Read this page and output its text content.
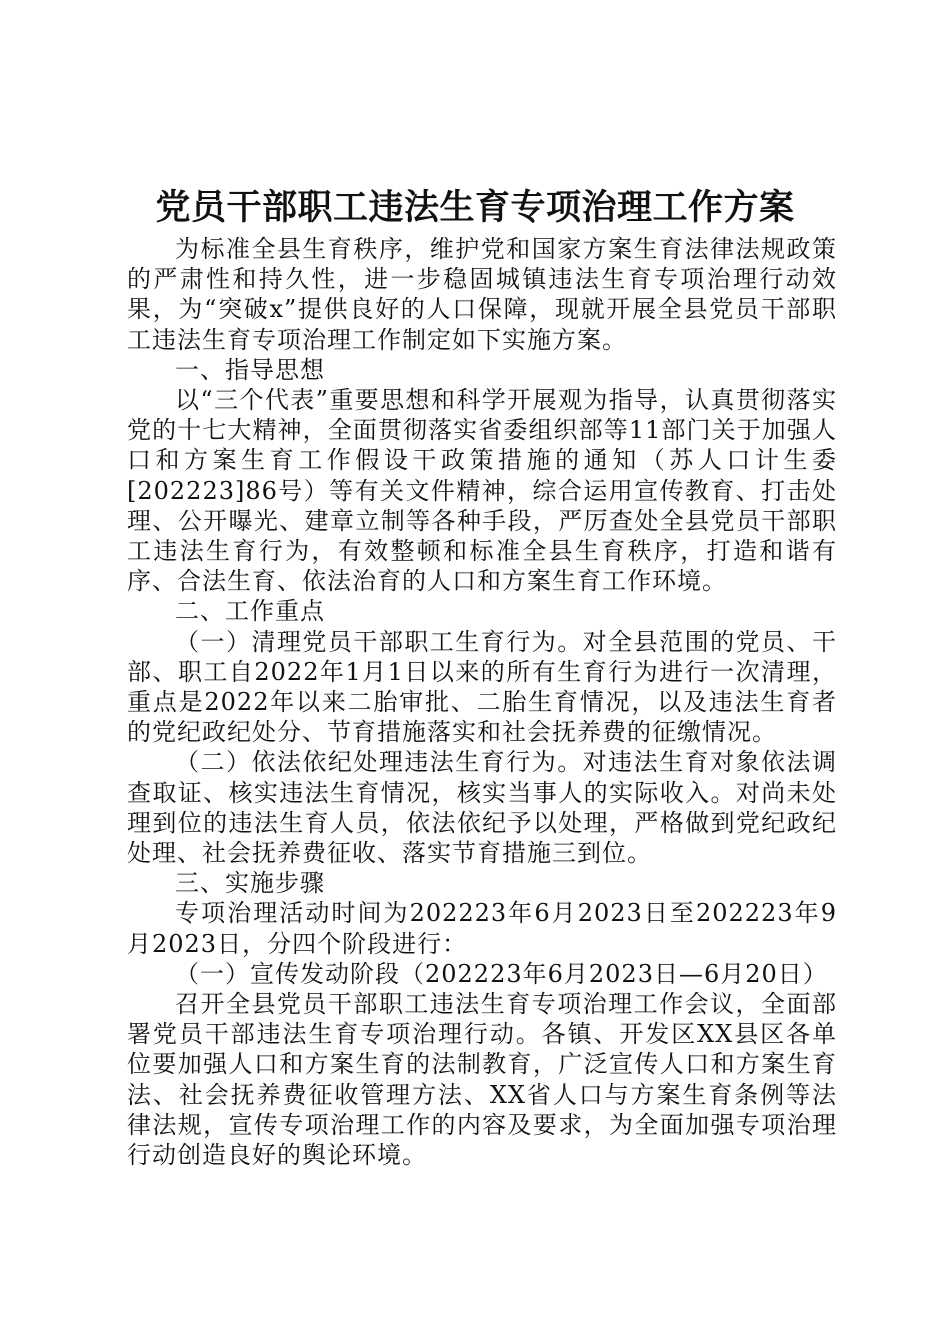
党员干部职工违法生育专项治理工作方案

为标准全县生育秩序，维护党和国家方案生育法律法规政策的严肃性和持久性，进一步稳固城镇违法生育专项治理行动效果，为“突破x”提供良好的人口保障，现就开展全县党员干部职工违法生育专项治理工作制定如下实施方案。

一、指导思想

以“三个代表”重要思想和科学开展观为指导，认真贯彻落实党的十七大精神，全面贯彻落实省委组织部等11部门关于加强人口和方案生育工作假设干政策措施的通知（苏人口计生委[202223]86号）等有关文件精神，综合运用宣传教育、打击处理、公开曝光、建章立制等各种手段，严厉查处全县党员干部职工违法生育行为，有效整顿和标准全县生育秩序，打造和谐有序、合法生育、依法治育的人口和方案生育工作环境。

二、工作重点

（一）清理党员干部职工生育行为。对全县范围的党员、干部、职工自2022年1月1日以来的所有生育行为进行一次清理，重点是2022年以来二胎审批、二胎生育情况，以及违法生育者的党纪政纪处分、节育措施落实和社会抚养费的征缴情况。

（二）依法依纪处理违法生育行为。对违法生育对象依法调查取证、核实违法生育情况，核实当事人的实际收入。对尚未处理到位的违法生育人员，依法依纪予以处理，严格做到党纪政纪处理、社会抚养费征收、落实节育措施三到位。

三、实施步骤

专项治理活动时间为202223年6月2023日至202223年9月2023日，分四个阶段进行：

（一）宣传发动阶段（202223年6月2023日—6月20日）

召开全县党员干部职工违法生育专项治理工作会议，全面部署党员干部违法生育专项治理行动。各镇、开发区XX县区各单位要加强人口和方案生育的法制教育，广泛宣传人口和方案生育法、社会抚养费征收管理方法、XX省人口与方案生育条例等法律法规，宣传专项治理工作的内容及要求，为全面加强专项治理行动创造良好的舆论环境。
